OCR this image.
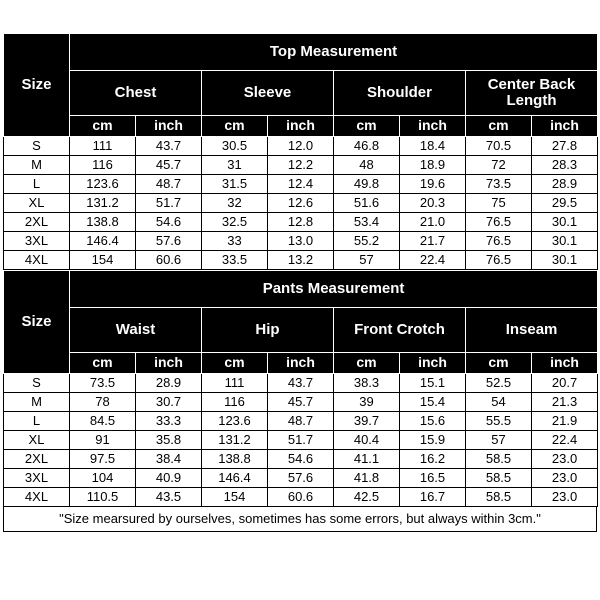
Size	Top Measurement							
	Chest		Sleeve		Shoulder		Center Back Length	
	cm	inch	cm	inch	cm	inch	cm	inch
S	111	43.7	30.5	12.0	46.8	18.4	70.5	27.8
M	116	45.7	31	12.2	48	18.9	72	28.3
L	123.6	48.7	31.5	12.4	49.8	19.6	73.5	28.9
XL	131.2	51.7	32	12.6	51.6	20.3	75	29.5
2XL	138.8	54.6	32.5	12.8	53.4	21.0	76.5	30.1
3XL	146.4	57.6	33	13.0	55.2	21.7	76.5	30.1
4XL	154	60.6	33.5	13.2	57	22.4	76.5	30.1
Size	Pants Measurement							
	Waist		Hip		Front Crotch		Inseam	
	cm	inch	cm	inch	cm	inch	cm	inch
S	73.5	28.9	111	43.7	38.3	15.1	52.5	20.7
M	78	30.7	116	45.7	39	15.4	54	21.3
L	84.5	33.3	123.6	48.7	39.7	15.6	55.5	21.9
XL	91	35.8	131.2	51.7	40.4	15.9	57	22.4
2XL	97.5	38.4	138.8	54.6	41.1	16.2	58.5	23.0
3XL	104	40.9	146.4	57.6	41.8	16.5	58.5	23.0
4XL	110.5	43.5	154	60.6	42.5	16.7	58.5	23.0
"Size mearsured by ourselves, sometimes has some errors, but always within 3cm."
